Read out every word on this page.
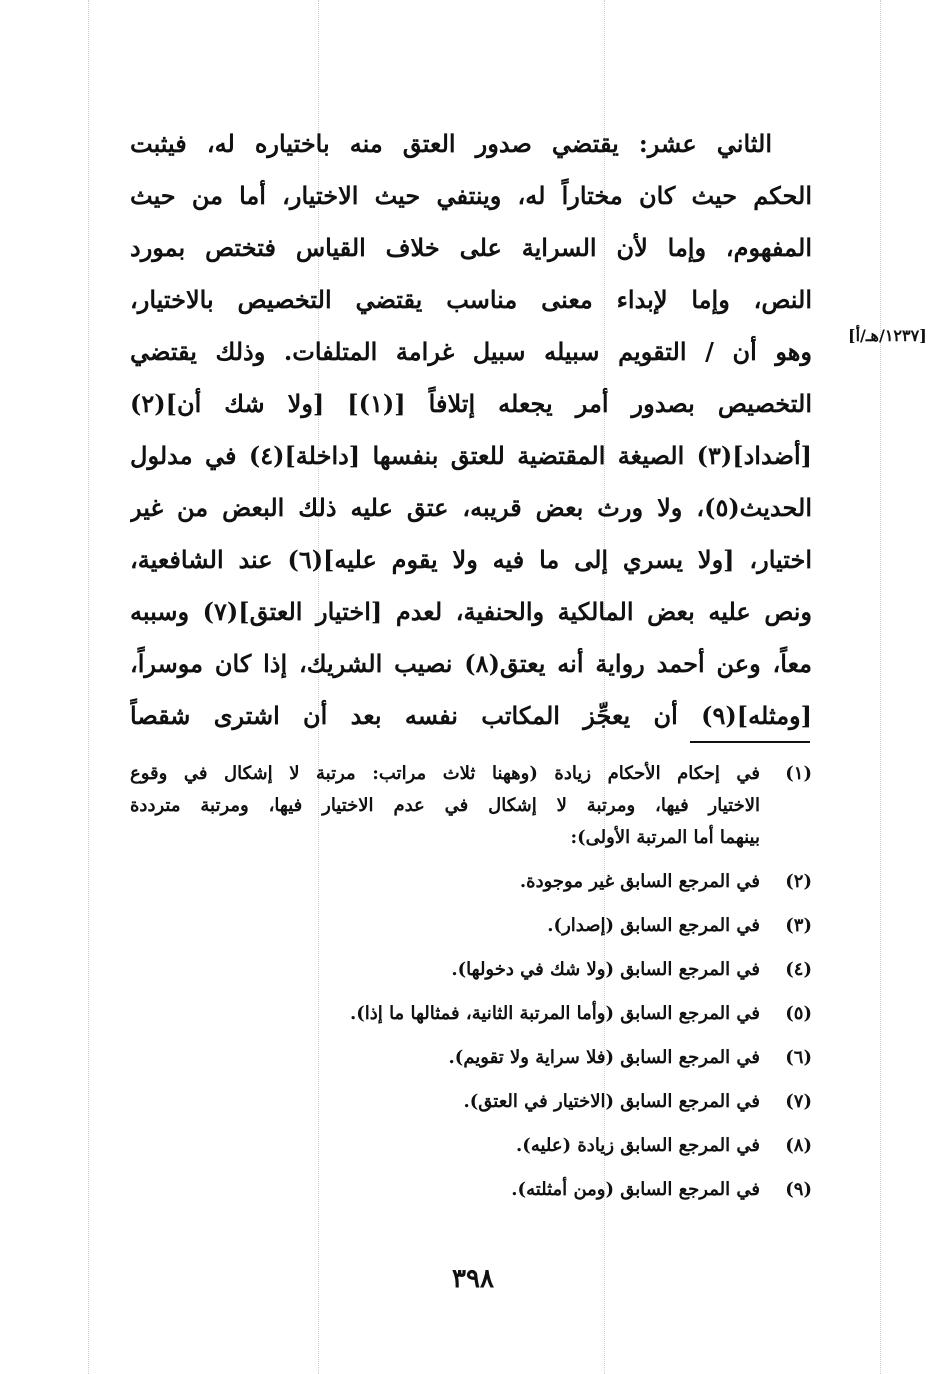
[١٢٣٧/هـ/أ]
الثاني عشر: يقتضي صدور العتق منه باختياره له، فيثبت
الحكم حيث كان مختاراً له، وينتفي حيث الاختيار، أما من حيث
المفهوم، وإما لأن السراية على خلاف القياس فتختص بمورد
النص، وإما لإبداء معنى مناسب يقتضي التخصيص بالاختيار،
وهو أن / التقويم سبيله سبيل غرامة المتلفات. وذلك يقتضي
التخصيص بصدور أمر يجعله إتلافاً [(١)] [ولا شك أن](٢)
[أضداد](٣) الصيغة المقتضية للعتق بنفسها [داخلة](٤) في مدلول
الحديث(٥)، ولا ورث بعض قريبه، عتق عليه ذلك البعض من غير
اختيار، [ولا يسري إلى ما فيه ولا يقوم عليه](٦) عند الشافعية،
ونص عليه بعض المالكية والحنفية، لعدم [اختيار العتق](٧) وسببه
معاً، وعن أحمد رواية أنه يعتق(٨) نصيب الشريك، إذا كان موسراً،
[ومثله](٩) أن يعجِّز المكاتب نفسه بعد أن اشترى شقصاً
(١)
في إحكام الأحكام زيادة (وههنا ثلاث مراتب: مرتبة لا إشكال في وقوع
الاختيار فيها، ومرتبة لا إشكال في عدم الاختيار فيها، ومرتبة مترددة
بينهما أما المرتبة الأولى):
(٢)
في المرجع السابق غير موجودة.
(٣)
في المرجع السابق (إصدار).
(٤)
في المرجع السابق (ولا شك في دخولها).
(٥)
في المرجع السابق (وأما المرتبة الثانية، فمثالها ما إذا).
(٦)
في المرجع السابق (فلا سراية ولا تقويم).
(٧)
في المرجع السابق (الاختيار في العتق).
(٨)
في المرجع السابق زيادة (عليه).
(٩)
في المرجع السابق (ومن أمثلته).
٣٩٨
